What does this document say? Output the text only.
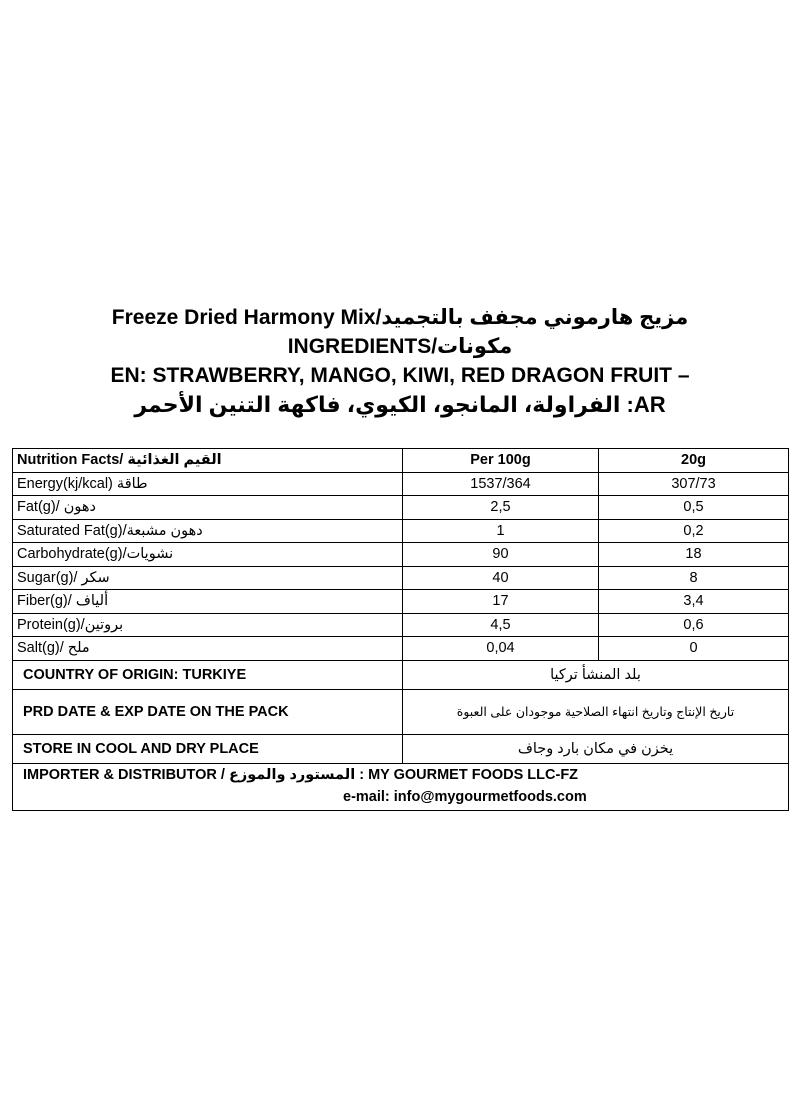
Freeze Dried Harmony Mix/مزيج هارموني مجفف بالتجميد
INGREDIENTS/مكونات
EN: STRAWBERRY, MANGO, KIWI, RED DRAGON FRUIT –
AR: الفراولة، المانجو، الكيوي، فاكهة التنين الأحمر
Nutrition Facts/ القيم الغذائية	Per 100g	20g
Energy(kj/kcal) طاقة	1537/364	307/73
Fat(g)/ دهون	2,5	0,5
Saturated Fat(g)/دهون مشبعة	1	0,2
Carbohydrate(g)/نشويات	90	18
Sugar(g)/ سكر	40	8
Fiber(g)/ ألياف	17	3,4
Protein(g)/بروتين	4,5	0,6
Salt(g)/ ملح	0,04	0
COUNTRY OF ORIGIN: TURKIYE	بلد المنشأ تركيا	
PRD DATE & EXP DATE ON THE PACK	تاريخ الإنتاج وتاريخ انتهاء الصلاحية موجودان على العبوة	
STORE IN COOL AND DRY PLACE	يخزن في مكان بارد وجاف	

IMPORTER & DISTRIBUTOR / المستورد والموزع : MY GOURMET FOODS LLC-FZ
e-mail: info@mygourmetfoods.com		
